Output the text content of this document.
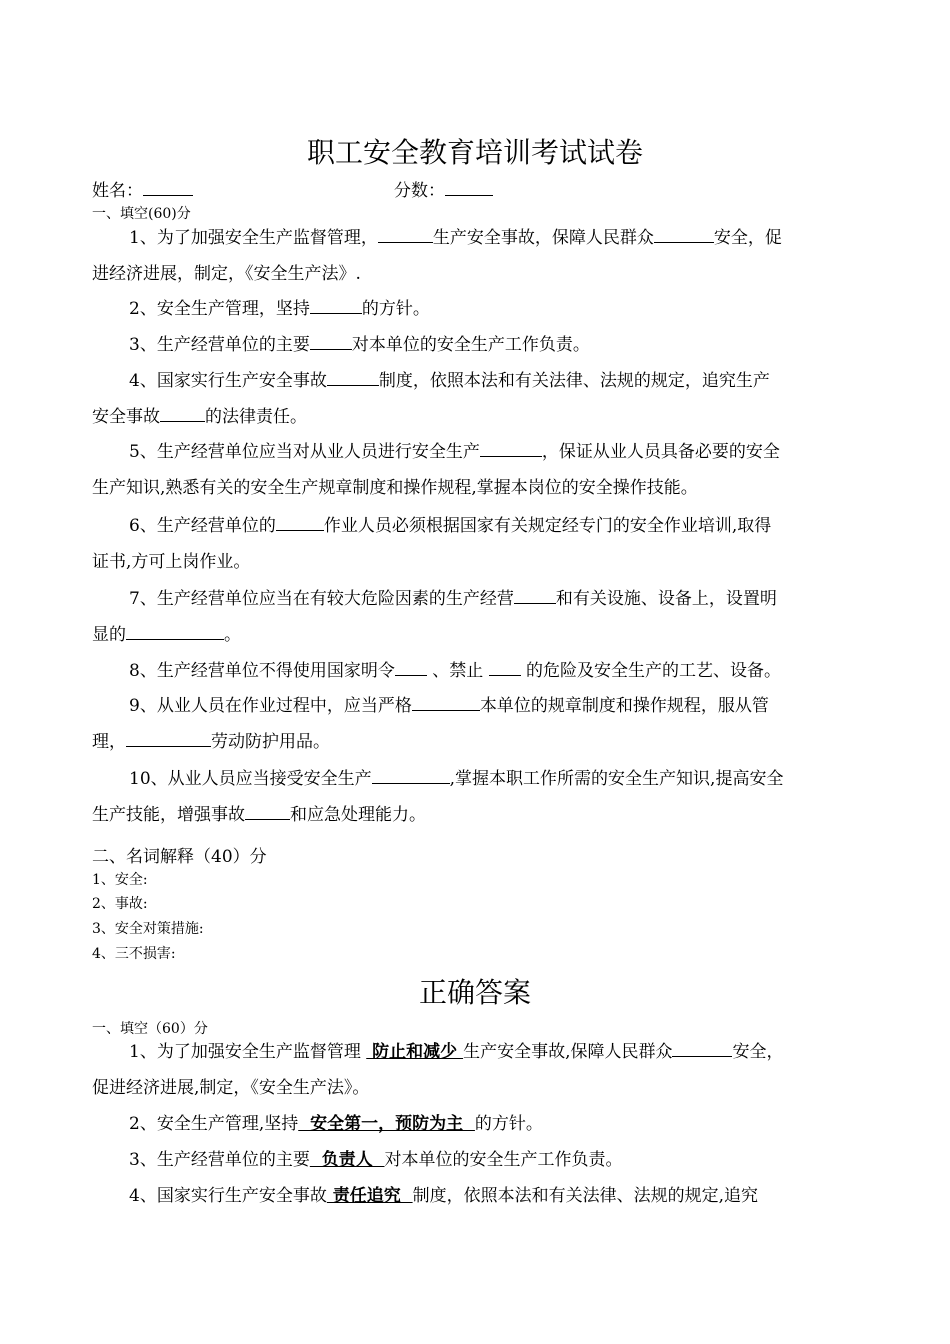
职工安全教育培训考试试卷
姓名：	分数：
一、填空(60)分
1、为了加强安全生产监督管理，	生产安全事故，保障人民群众	安全，促
进经济进展，制定，《安全生产法》.
2、安全生产管理，坚持	的方针。
3、生产经营单位的主要 对本单位的安全生产工作负责。
4、国家实行生产安全事故	制度，依照本法和有关法律、法规的规定，追究生产
安全事故	的法律责任。
5、生产经营单位应当对从业人员进行安全生产	，保证从业人员具备必要的安全
生产知识,熟悉有关的安全生产规章制度和操作规程,掌握本岗位的安全操作技能。
6、生产经营单位的	作业人员必须根据国家有关规定经专门的安全作业培训,取得
证书,方可上岗作业。
7、生产经营单位应当在有较大危险因素的生产经营 和有关设施、设备上，设置明
显的	。
8、生产经营单位不得使用国家明令 、禁止  的危险及安全生产的工艺、设备。
9、从业人员在作业过程中，应当严格	本单位的规章制度和操作规程，服从管
理，	劳动防护用品。
10、从业人员应当接受安全生产	,掌握本职工作所需的安全生产知识,提高安全
生产技能，增强事故	和应急处理能力。
二、名词解释（40）分
1、安全:
2、事故:
3、安全对策措施:
4、三不损害:
正确答案
一、填空（60）分
1、为了加强安全生产监督管理  防止和减少 生产安全事故,保障人民群众	安全，
促进经济进展,制定，《安全生产法》。
2、安全生产管理,坚持  安全第一，预防为主  的方针。
3、生产经营单位的主要  负责人  对本单位的安全生产工作负责。
4、国家实行生产安全事故 责任追究  制度，依照本法和有关法律、法规的规定,追究
